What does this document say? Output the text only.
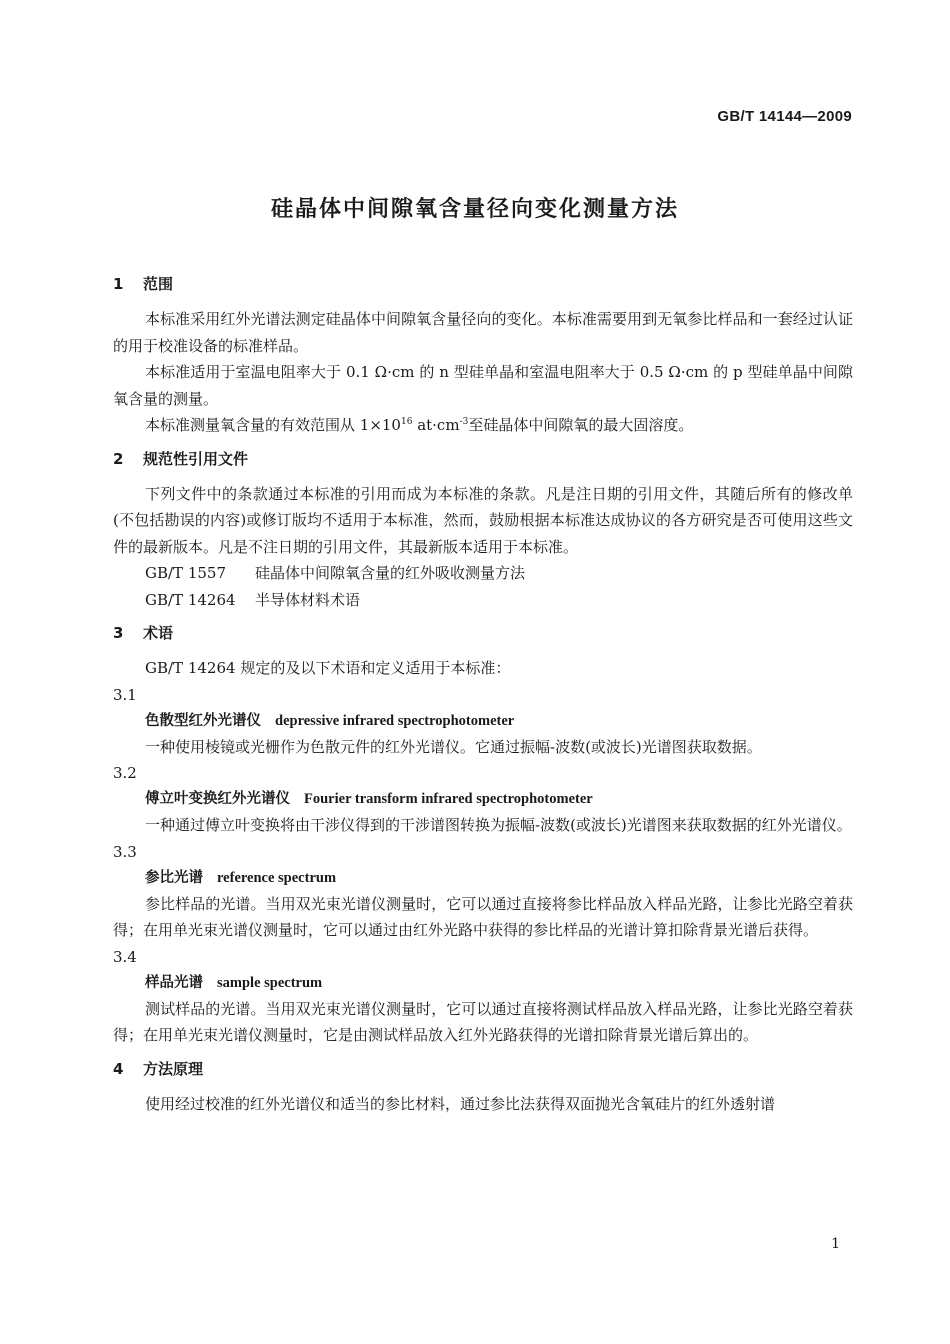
GB/T 14144—2009
硅晶体中间隙氧含量径向变化测量方法
1 范围

本标准采用红外光谱法测定硅晶体中间隙氧含量径向的变化。本标准需要用到无氧参比样品和一套经过认证的用于校准设备的标准样品。

本标准适用于室温电阻率大于 0.1 Ω·cm 的 n 型硅单晶和室温电阻率大于 0.5 Ω·cm 的 p 型硅单晶中间隙氧含量的测量。

本标准测量氧含量的有效范围从 $1\times 10^{16}$ $at\cdot cm^{-3}$至硅晶体中间隙氧的最大固溶度。

2 规范性引用文件

下列文件中的条款通过本标准的引用而成为本标准的条款。凡是注日期的引用文件，其随后所有的修改单(不包括勘误的内容)或修订版均不适用于本标准，然而，鼓励根据本标准达成协议的各方研究是否可使用这些文件的最新版本。凡是不注日期的引用文件，其最新版本适用于本标准。

GB/T 1557 硅晶体中间隙氧含量的红外吸收测量方法

GB/T 14264 半导体材料术语

3 术语

GB/T 14264 规定的及以下术语和定义适用于本标准：

3.1

色散型红外光谱仪 depressive infrared spectrophotometer

一种使用棱镜或光栅作为色散元件的红外光谱仪。它通过振幅-波数(或波长)光谱图获取数据。

3.2

傅立叶变换红外光谱仪 Fourier transform infrared spectrophotometer

一种通过傅立叶变换将由干涉仪得到的干涉谱图转换为振幅-波数(或波长)光谱图来获取数据的红外光谱仪。

3.3

参比光谱 reference spectrum

参比样品的光谱。当用双光束光谱仪测量时，它可以通过直接将参比样品放入样品光路，让参比光路空着获得；在用单光束光谱仪测量时，它可以通过由红外光路中获得的参比样品的光谱计算扣除背景光谱后获得。

3.4

样品光谱 sample spectrum

测试样品的光谱。当用双光束光谱仪测量时，它可以通过直接将测试样品放入样品光路，让参比光路空着获得；在用单光束光谱仪测量时，它是由测试样品放入红外光路获得的光谱扣除背景光谱后算出的。

4 方法原理

使用经过校准的红外光谱仪和适当的参比材料，通过参比法获得双面抛光含氧硅片的红外透射谱

1
